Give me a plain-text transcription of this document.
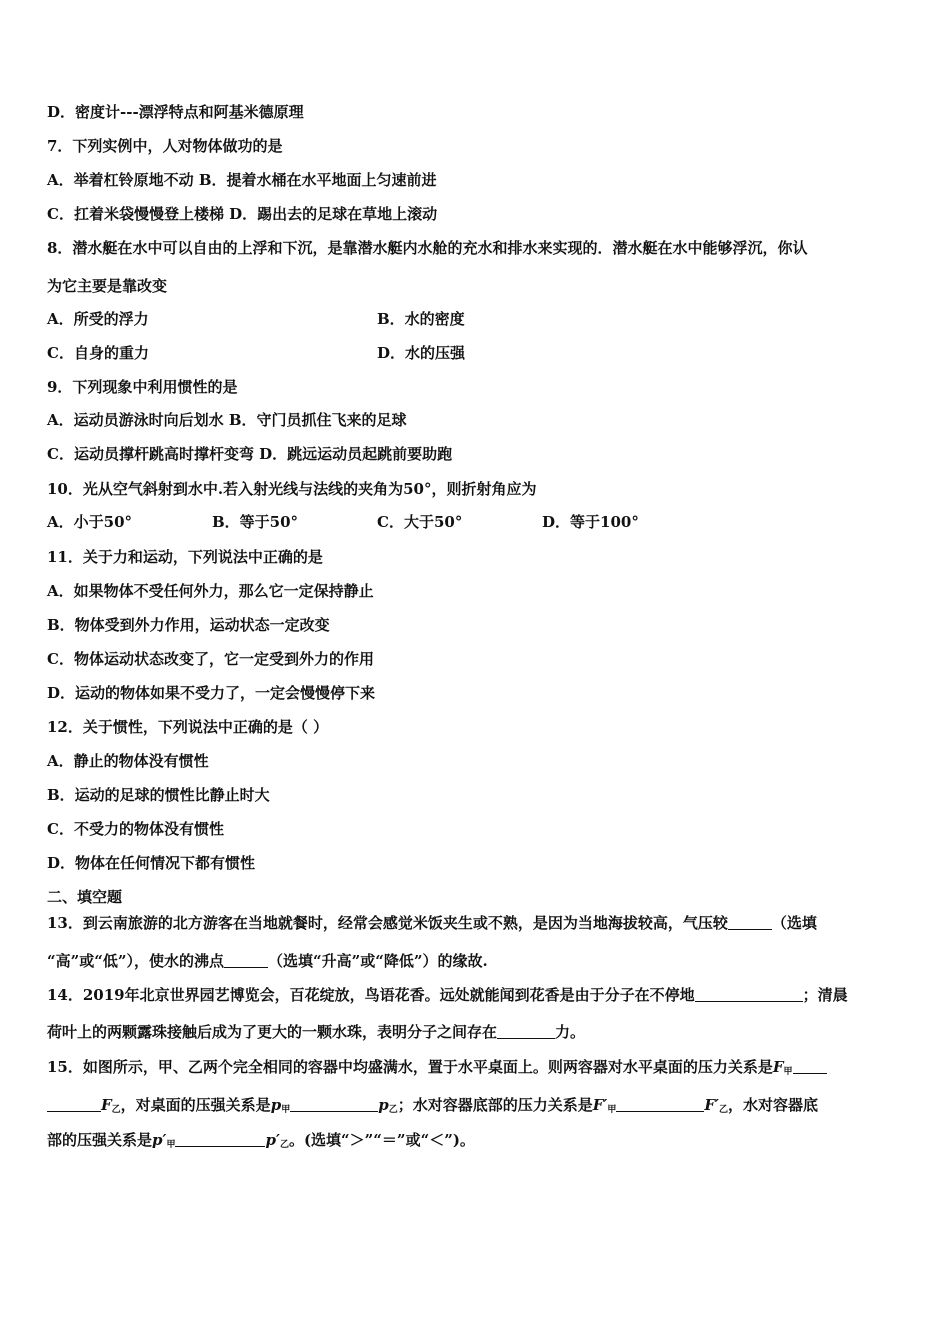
D．密度计---漂浮特点和阿基米德原理
7．下列实例中，人对物体做功的是
A．举着杠铃原地不动 B．提着水桶在水平地面上匀速前进
C．扛着米袋慢慢登上楼梯 D．踢出去的足球在草地上滚动
8．潜水艇在水中可以自由的上浮和下沉，是靠潜水艇内水舱的充水和排水来实现的．潜水艇在水中能够浮沉，你认
为它主要是靠改变
A．所受的浮力	B．水的密度
C．自身的重力	D．水的压强
9．下列现象中利用惯性的是
A．运动员游泳时向后划水 B．守门员抓住飞来的足球
C．运动员撑杆跳高时撑杆变弯 D．跳远运动员起跳前要助跑
10．光从空气斜射到水中.若入射光线与法线的夹角为50°，则折射角应为
A．小于50°	B．等于50°	C．大于50°	D．等于100°
11．关于力和运动，下列说法中正确的是
A．如果物体不受任何外力，那么它一定保持静止
B．物体受到外力作用，运动状态一定改变
C．物体运动状态改变了，它一定受到外力的作用
D．运动的物体如果不受力了，一定会慢慢停下来
12．关于惯性，下列说法中正确的是（ ）
A．静止的物体没有惯性
B．运动的足球的惯性比静止时大
C．不受力的物体没有惯性
D．物体在任何情况下都有惯性
二、填空题
13．到云南旅游的北方游客在当地就餐时，经常会感觉米饭夹生或不熟，是因为当地海拔较高，气压较	（选填
“高”或“低”），使水的沸点	（选填“升高”或“降低”）的缘故.
14．2019年北京世界园艺博览会，百花绽放，鸟语花香。远处就能闻到花香是由于分子在不停地	；清晨
荷叶上的两颗露珠接触后成为了更大的一颗水珠，表明分子之间存在	力。
15．如图所示，甲、乙两个完全相同的容器中均盛满水，置于水平桌面上。则两容器对水平桌面的压力关系是$F_甲$
$F_乙$，对桌面的压强关系是$p_甲$	$p_乙$；水对容器底部的压力关系是$F'_甲$	$F'_乙$，水对容器底
部的压强关系是$p'_甲$	$p'_乙$。(选填“＞”“＝”或“＜”)。
